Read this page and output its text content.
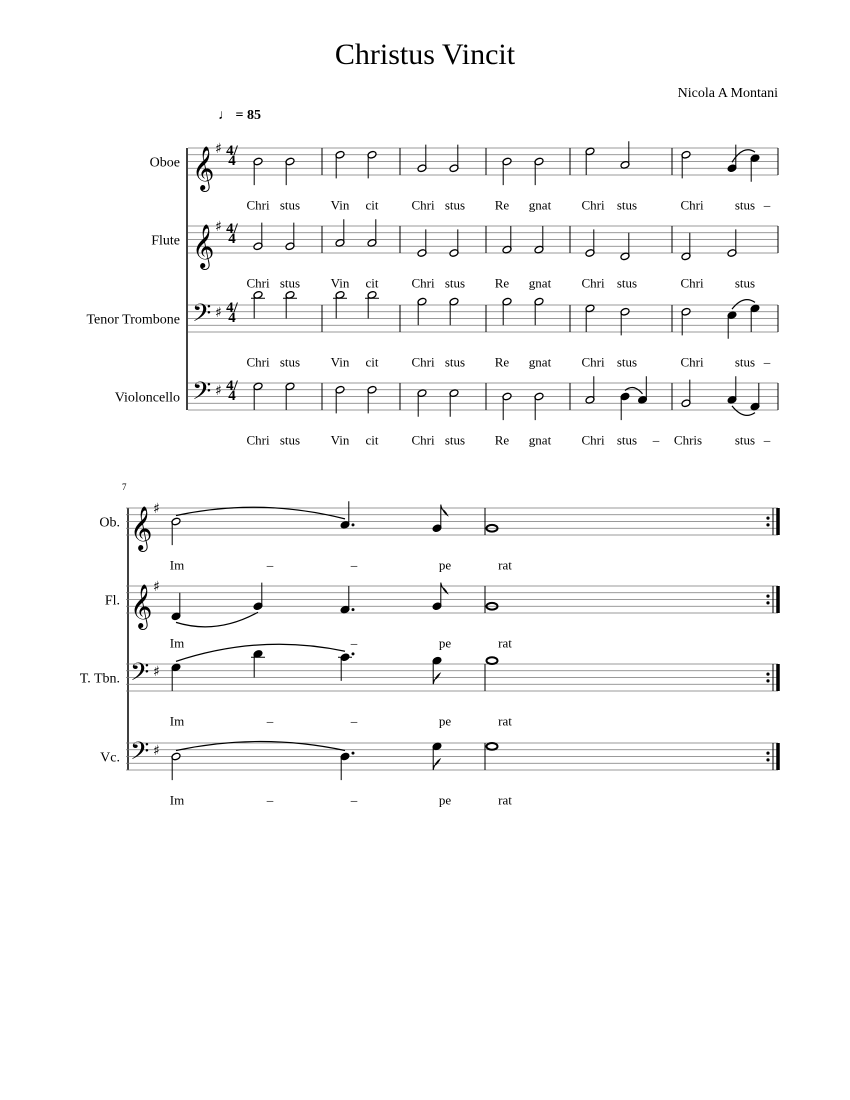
Christus Vincit
Nicola A Montani
♩ = 85
Oboe 𝄞 ♯
Chri stus Vin cit	Chri stus Re gnat Chri stus	Chri stus –
Flute 𝄞 ♯
Chri stus Vin cit	Chri stus Re gnat Chri stus	Chri stus
Tenor Trombone 𝄢 ♯
Chri stus Vin cit	Chri stus Re gnat Chri stus	Chri stus –
Violoncello 𝄢 ♯
Chri stus Vin cit	Chri stus Re gnat Chri stus – Chris	stus –
7
Ob. 𝄞 ♯
Im	–	–	pe	rat
Fl. 𝄞 ♯
Im	–	–	pe	rat
T. Tbn. 𝄢 ♯
Im	–	–	pe	rat
Vc. 𝄢 ♯
Im	–	–	pe	rat
4/4
4/4
4/4
4/4
